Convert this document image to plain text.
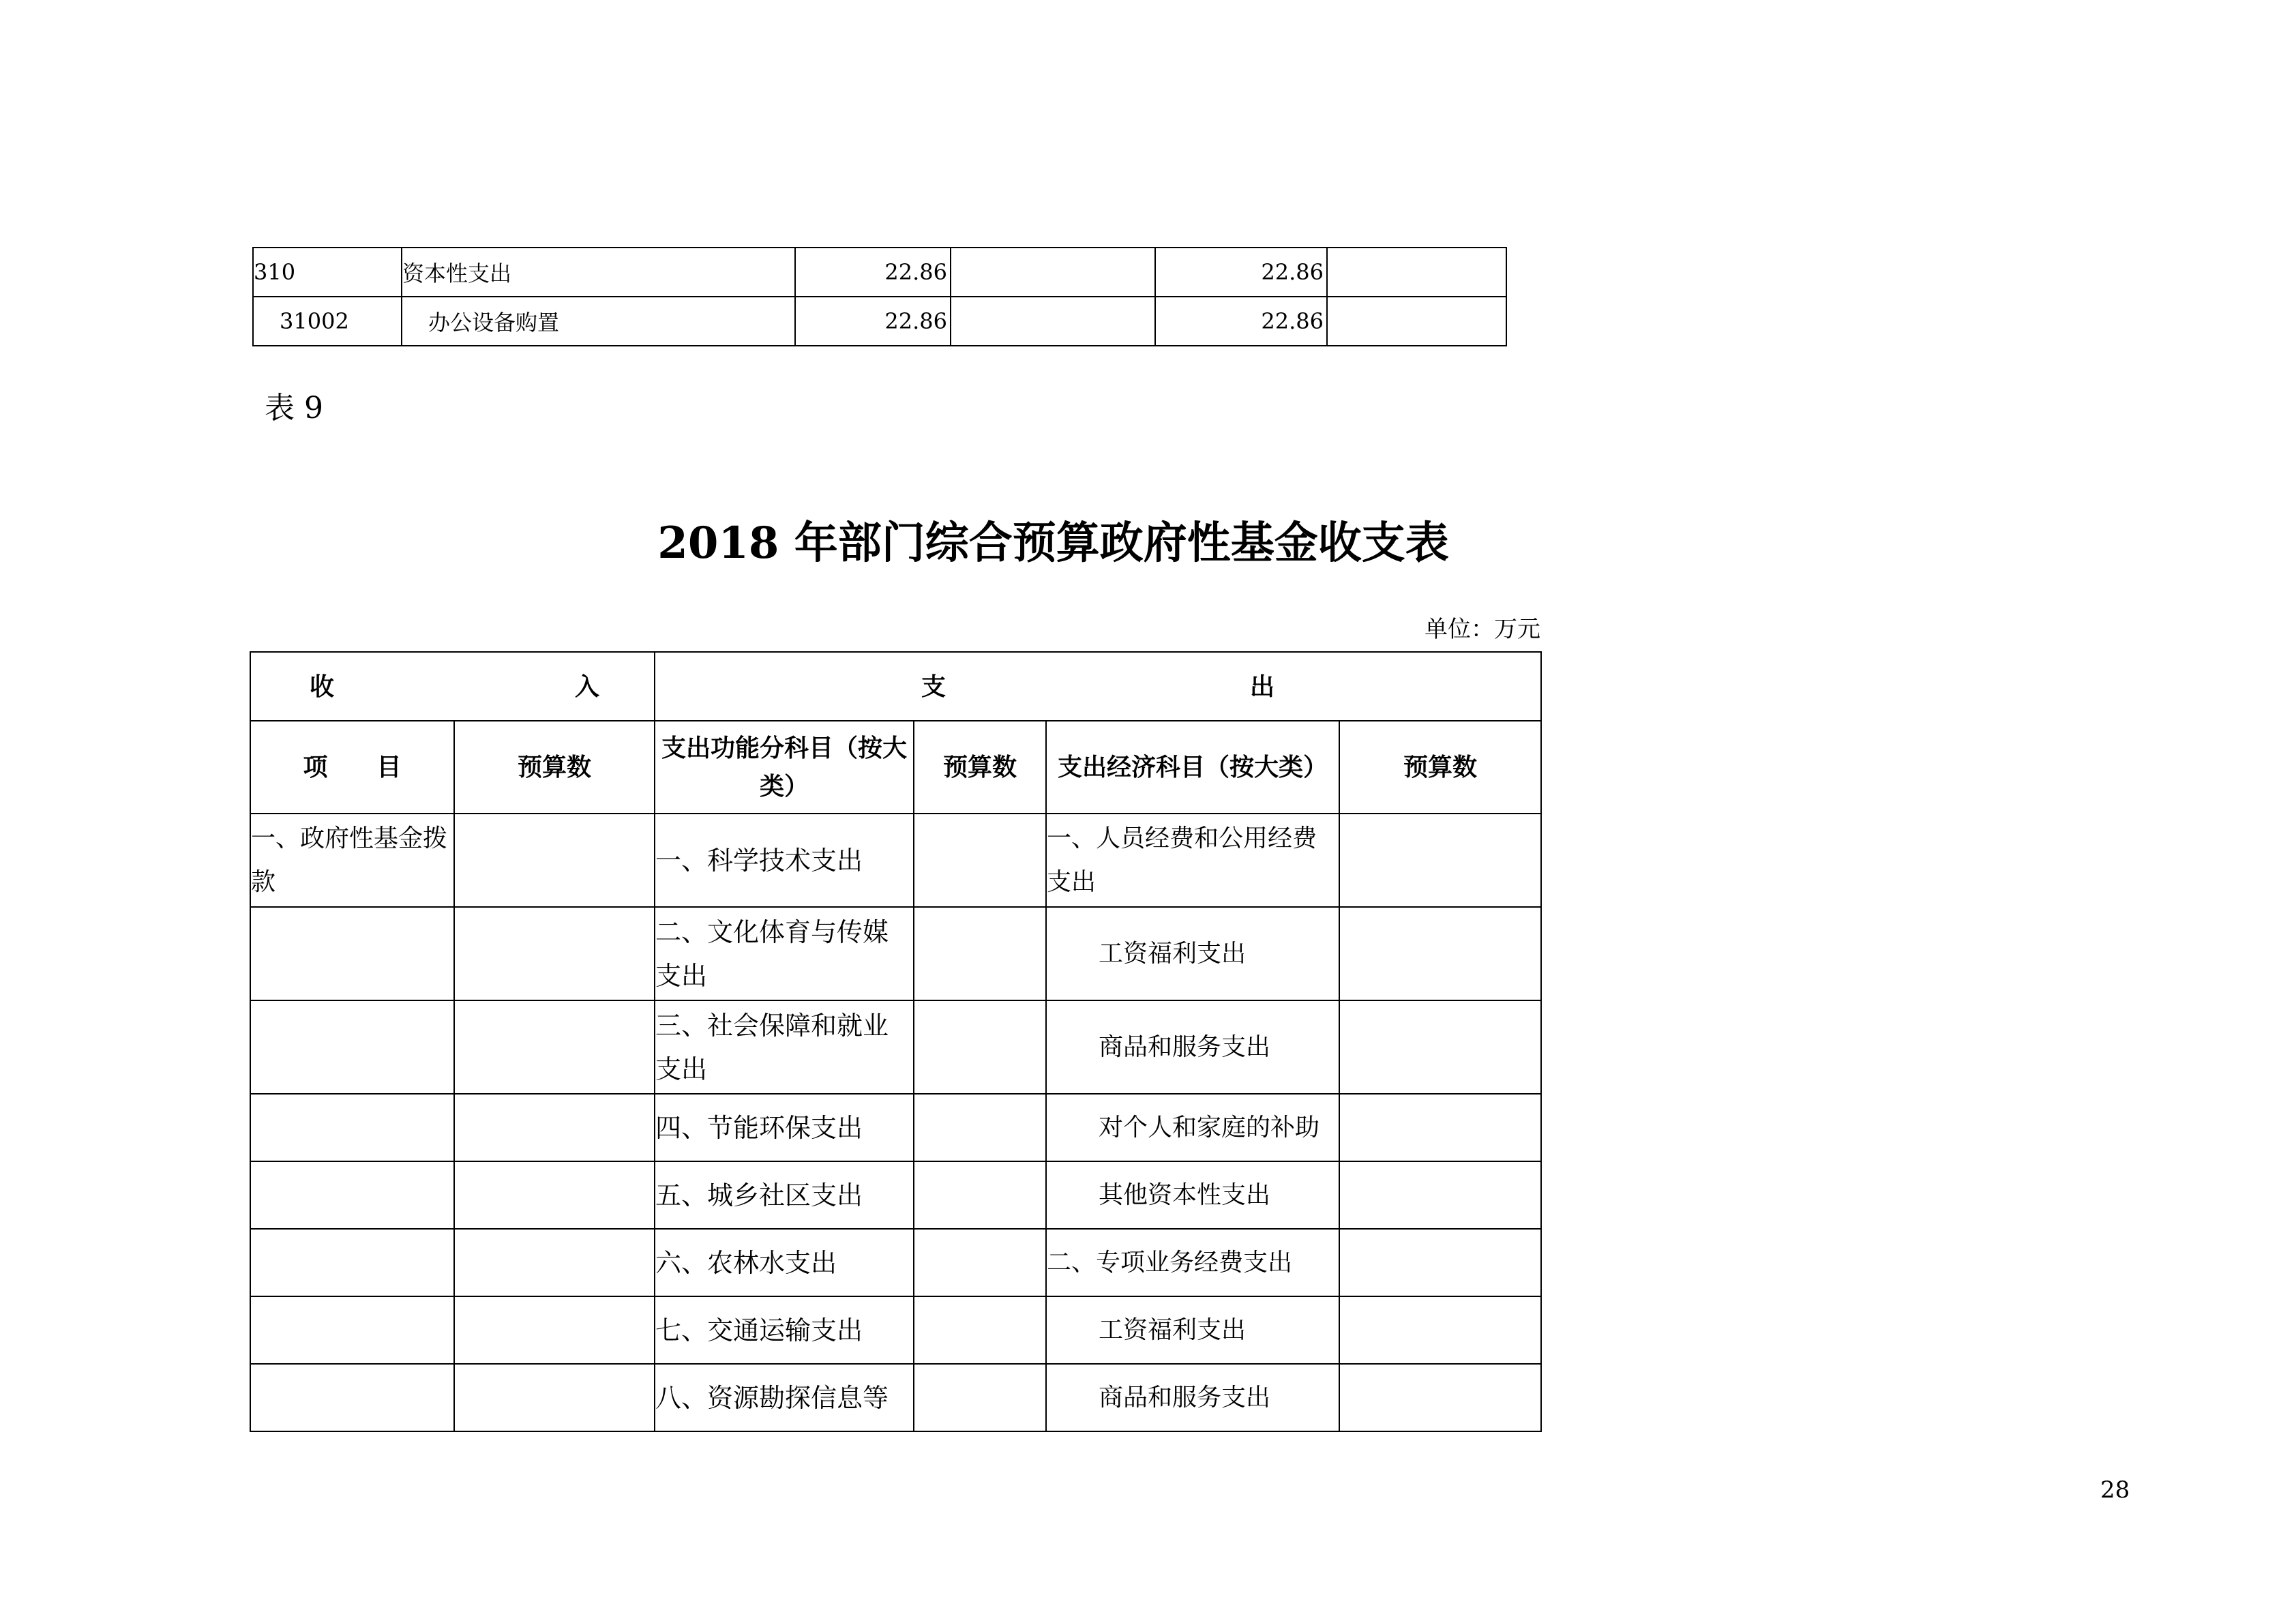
310	资本性支出	22.86		22.86	
31002	办公设备购置	22.86		22.86	
表 9
2018 年部门综合预算政府性基金收支表
单位：万元
收 入		支 出			

项　　目	预算数	支出功能分科目（按大类）	预算数	支出经济科目（按大类）	预算数
一、政府性基金拨款		一、科学技术支出		一、人员经费和公用经费支出	
		二、文化体育与传媒支出		工资福利支出	
		三、社会保障和就业支出		商品和服务支出	
		四、节能环保支出		对个人和家庭的补助	
		五、城乡社区支出		其他资本性支出	
		六、农林水支出		二、专项业务经费支出	
		七、交通运输支出		工资福利支出	
		八、资源勘探信息等		商品和服务支出	
28
